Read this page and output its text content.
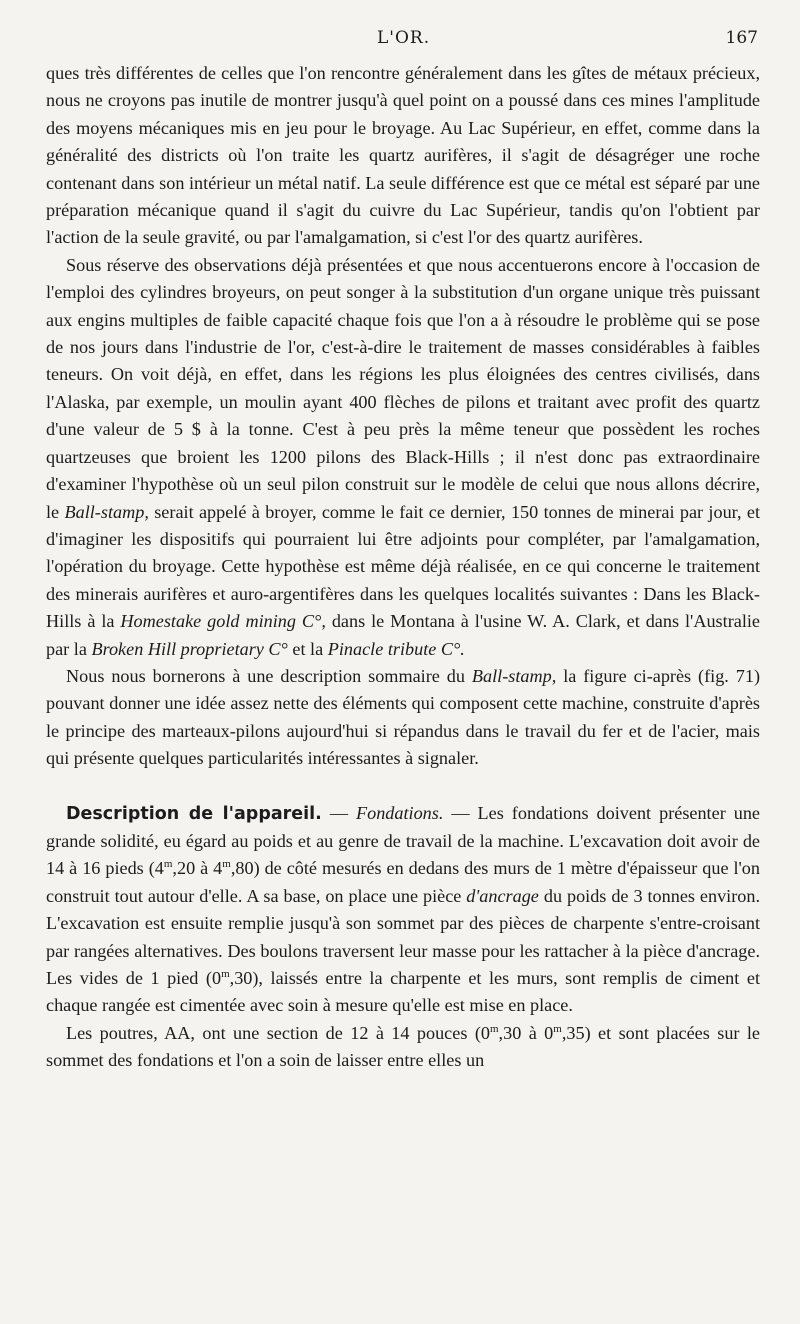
L'OR.	167

ques très différentes de celles que l'on rencontre généralement dans les gîtes de métaux précieux, nous ne croyons pas inutile de montrer jusqu'à quel point on a poussé dans ces mines l'amplitude des moyens mécaniques mis en jeu pour le broyage. Au Lac Supérieur, en effet, comme dans la généralité des districts où l'on traite les quartz aurifères, il s'agit de désagréger une roche contenant dans son intérieur un métal natif. La seule différence est que ce métal est séparé par une préparation mécanique quand il s'agit du cuivre du Lac Supérieur, tandis qu'on l'obtient par l'action de la seule gravité, ou par l'amalgamation, si c'est l'or des quartz aurifères.

Sous réserve des observations déjà présentées et que nous accentuerons encore à l'occasion de l'emploi des cylindres broyeurs, on peut songer à la substitution d'un organe unique très puissant aux engins multiples de faible capacité chaque fois que l'on a à résoudre le problème qui se pose de nos jours dans l'industrie de l'or, c'est-à-dire le traitement de masses considérables à faibles teneurs. On voit déjà, en effet, dans les régions les plus éloignées des centres civilisés, dans l'Alaska, par exemple, un moulin ayant 400 flèches de pilons et traitant avec profit des quartz d'une valeur de 5 $ à la tonne. C'est à peu près la même teneur que possèdent les roches quartzeuses que broient les 1200 pilons des Black-Hills ; il n'est donc pas extraordinaire d'examiner l'hypothèse où un seul pilon construit sur le modèle de celui que nous allons décrire, le Ball-stamp, serait appelé à broyer, comme le fait ce dernier, 150 tonnes de minerai par jour, et d'imaginer les dispositifs qui pourraient lui être adjoints pour compléter, par l'amalgamation, l'opération du broyage. Cette hypothèse est même déjà réalisée, en ce qui concerne le traitement des minerais aurifères et auro-argentifères dans les quelques localités suivantes : Dans les Black-Hills à la Homestake gold mining C°, dans le Montana à l'usine W. A. Clark, et dans l'Australie par la Broken Hill proprietary C° et la Pinacle tribute C°.

Nous nous bornerons à une description sommaire du Ball-stamp, la figure ci-après (fig. 71) pouvant donner une idée assez nette des éléments qui composent cette machine, construite d'après le principe des marteaux-pilons aujourd'hui si répandus dans le travail du fer et de l'acier, mais qui présente quelques particularités intéressantes à signaler.

Description de l'appareil. — Fondations. — Les fondations doivent présenter une grande solidité, eu égard au poids et au genre de travail de la machine. L'excavation doit avoir de 14 à 16 pieds (4$^m$,20 à 4$^m$,80) de côté mesurés en dedans des murs de 1 mètre d'épaisseur que l'on construit tout autour d'elle. A sa base, on place une pièce d'ancrage du poids de 3 tonnes environ. L'excavation est ensuite remplie jusqu'à son sommet par des pièces de charpente s'entre-croisant par rangées alternatives. Des boulons traversent leur masse pour les rattacher à la pièce d'ancrage. Les vides de 1 pied (0$^m$,30), laissés entre la charpente et les murs, sont remplis de ciment et chaque rangée est cimentée avec soin à mesure qu'elle est mise en place.

Les poutres, AA, ont une section de 12 à 14 pouces (0$^m$,30 à 0$^m$,35) et sont placées sur le sommet des fondations et l'on a soin de laisser entre elles un
